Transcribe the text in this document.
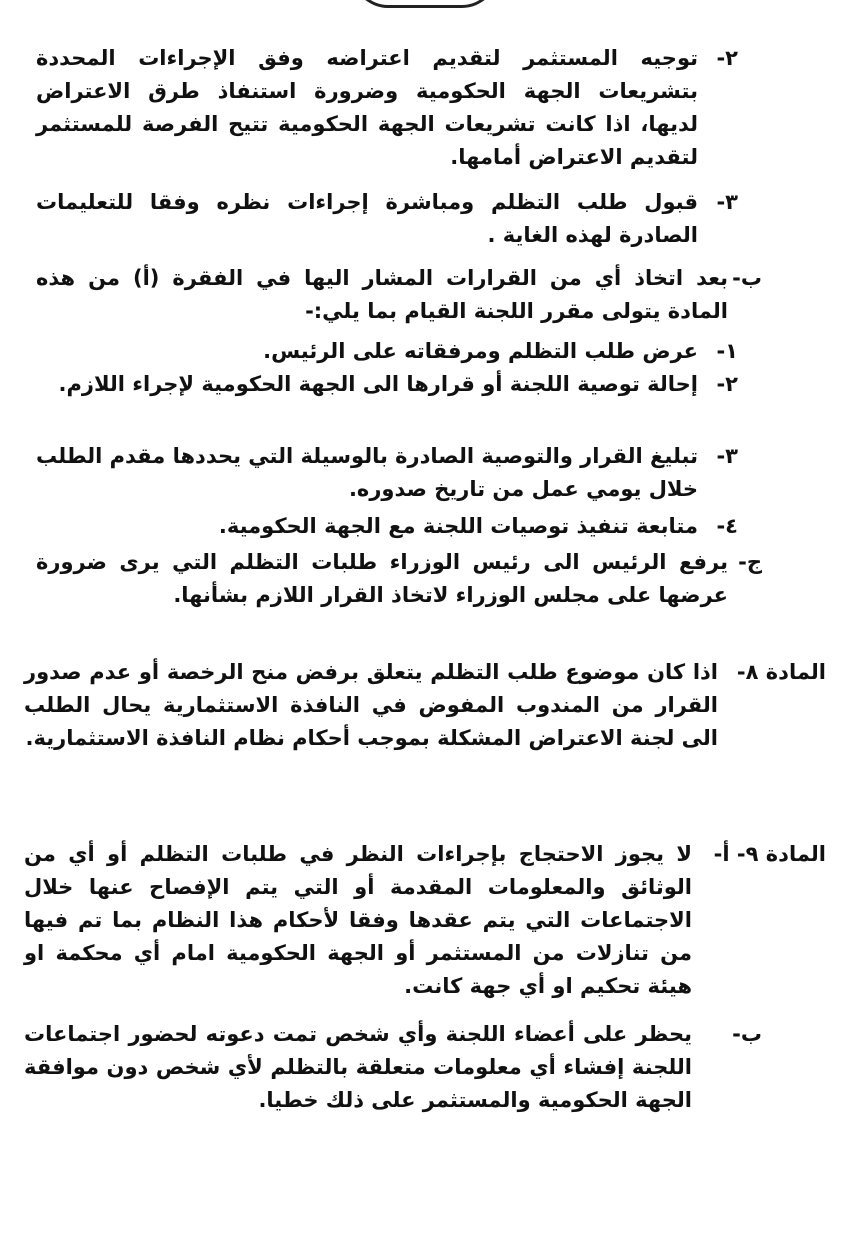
٢-
توجيه المستثمر لتقديم اعتراضه وفق الإجراءات المحددة بتشريعات الجهة الحكومية وضرورة استنفاذ طرق الاعتراض لديها، اذا كانت تشريعات الجهة الحكومية تتيح الفرصة للمستثمر لتقديم الاعتراض أمامها.
٣-
قبول طلب التظلم ومباشرة إجراءات نظره وفقا للتعليمات الصادرة لهذه الغاية .
ب-
بعد اتخاذ أي من القرارات المشار اليها في الفقرة (أ) من هذه المادة يتولى مقرر اللجنة القيام بما يلي:-
١-
عرض طلب التظلم ومرفقاته على الرئيس.
٢-
إحالة توصية اللجنة أو قرارها الى الجهة الحكومية لإجراء اللازم.
٣-
تبليغ القرار والتوصية الصادرة بالوسيلة التي يحددها مقدم الطلب خلال يومي عمل من تاريخ صدوره.
٤-
متابعة تنفيذ توصيات اللجنة مع الجهة الحكومية.
ج-
يرفع الرئيس الى رئيس الوزراء طلبات التظلم التي يرى ضرورة عرضها على مجلس الوزراء لاتخاذ القرار اللازم بشأنها.
المادة ٨-
اذا كان موضوع طلب التظلم يتعلق برفض منح الرخصة أو عدم صدور القرار من المندوب المفوض في النافذة الاستثمارية يحال الطلب الى لجنة الاعتراض المشكلة بموجب أحكام نظام النافذة الاستثمارية.
المادة ٩- أ-
لا يجوز الاحتجاج بإجراءات النظر في طلبات التظلم أو أي من الوثائق والمعلومات المقدمة أو التي يتم الإفصاح عنها خلال الاجتماعات التي يتم عقدها وفقا لأحكام هذا النظام بما تم فيها من تنازلات من المستثمر أو الجهة الحكومية امام أي محكمة او هيئة تحكيم او أي جهة كانت.
ب-
يحظر على أعضاء اللجنة وأي شخص تمت دعوته لحضور اجتماعات اللجنة إفشاء أي معلومات متعلقة بالتظلم لأي شخص دون موافقة الجهة الحكومية والمستثمر على ذلك خطيا.
